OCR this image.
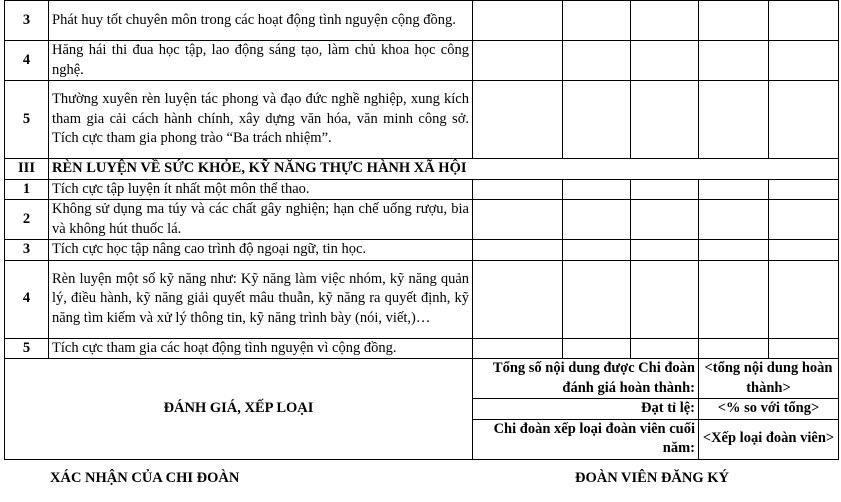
3	Phát huy tốt chuyên môn trong các hoạt động tình nguyện cộng đồng.					
4	Hăng hái thi đua học tập, lao động sáng tạo, làm chủ khoa học công nghệ.					
5	Thường xuyên rèn luyện tác phong và đạo đức nghề nghiệp, xung kích tham gia cải cách hành chính, xây dựng văn hóa, văn minh công sở. Tích cực tham gia phong trào “Ba trách nhiệm”.					
III	RÈN LUYỆN VỀ SỨC KHỎE, KỸ NĂNG THỰC HÀNH XÃ HỘI					
1	Tích cực tập luyện ít nhất một môn thể thao.					
2	Không sử dụng ma túy và các chất gây nghiện; hạn chế uống rượu, bia và không hút thuốc lá.					
3	Tích cực học tập nâng cao trình độ ngoại ngữ, tin học.					
4	Rèn luyện một số kỹ năng như: Kỹ năng làm việc nhóm, kỹ năng quản lý, điều hành, kỹ năng giải quyết mâu thuẫn, kỹ năng ra quyết định, kỹ năng tìm kiếm và xử lý thông tin, kỹ năng trình bày (nói, viết,)…					
5	Tích cực tham gia các hoạt động tình nguyện vì cộng đồng.					
ĐÁNH GIÁ, XẾP LOẠI		Tổng số nội dung được Chi đoàn đánh giá hoàn thành:			<tổng nội dung hoàn thành>	
		Đạt tỉ lệ:			<% so với tổng>	
		Chi đoàn xếp loại đoàn viên cuối năm:			<Xếp loại đoàn viên>	
XÁC NHẬN CỦA CHI ĐOÀN	ĐOÀN VIÊN ĐĂNG KÝ
